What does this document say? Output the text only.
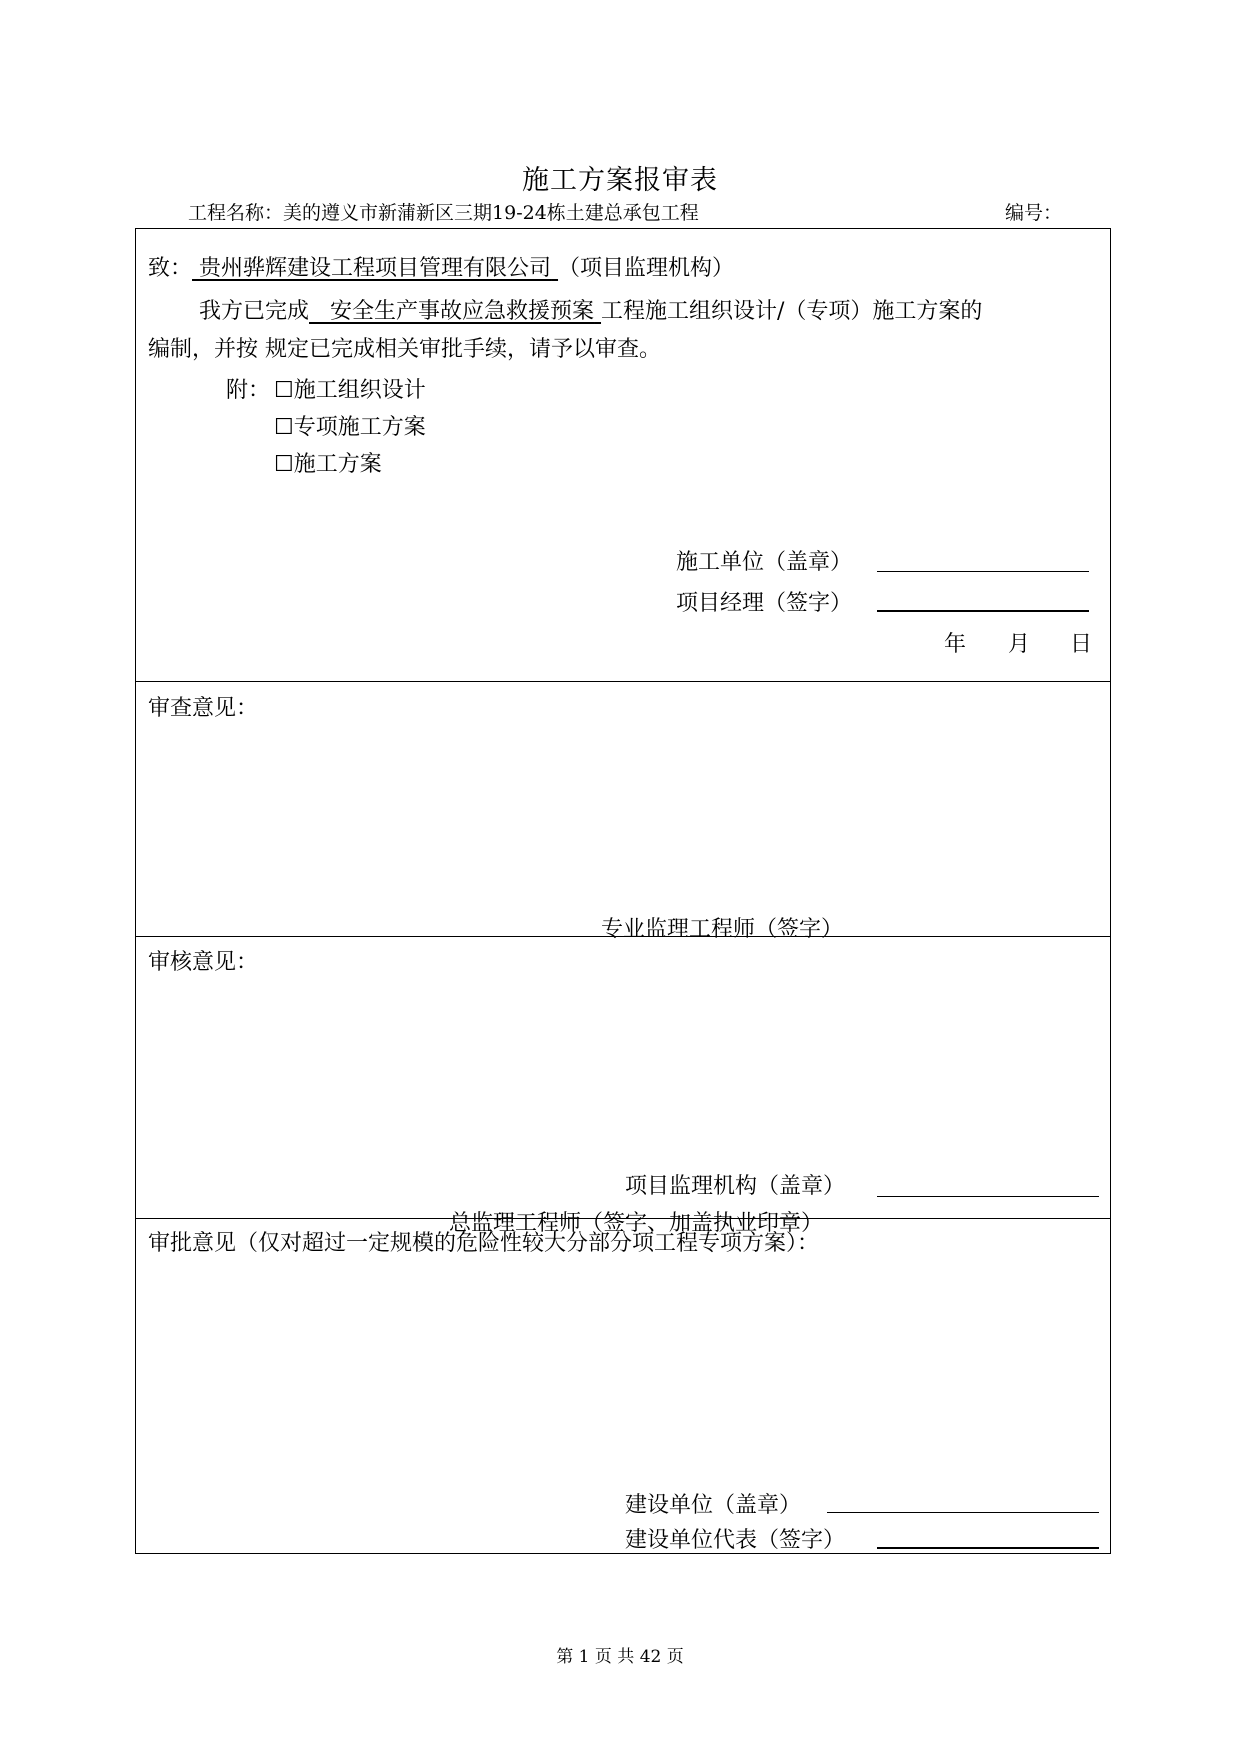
施工方案报审表
工程名称：美的遵义市新蒲新区三期19-24栋土建总承包工程	编号：
致： 贵州骅辉建设工程项目管理有限公司 （项目监理机构）
我方已完成 安全生产事故应急救援预案 工程施工组织设计/（专项）施工方案的
编制，并按 规定已完成相关审批手续，请予以审查。
附： ☐施工组织设计
☐专项施工方案
☐施工方案
施工单位（盖章）
项目经理（签字）
年 月 日
审查意见：
专业监理工程师（签字）
审核意见：
项目监理机构（盖章）
总监理工程师（签字、加盖执业印章）
审批意见（仅对超过一定规模的危险性较大分部分项工程专项方案）：
建设单位（盖章）
建设单位代表（签字）
第 1 页 共 42 页
